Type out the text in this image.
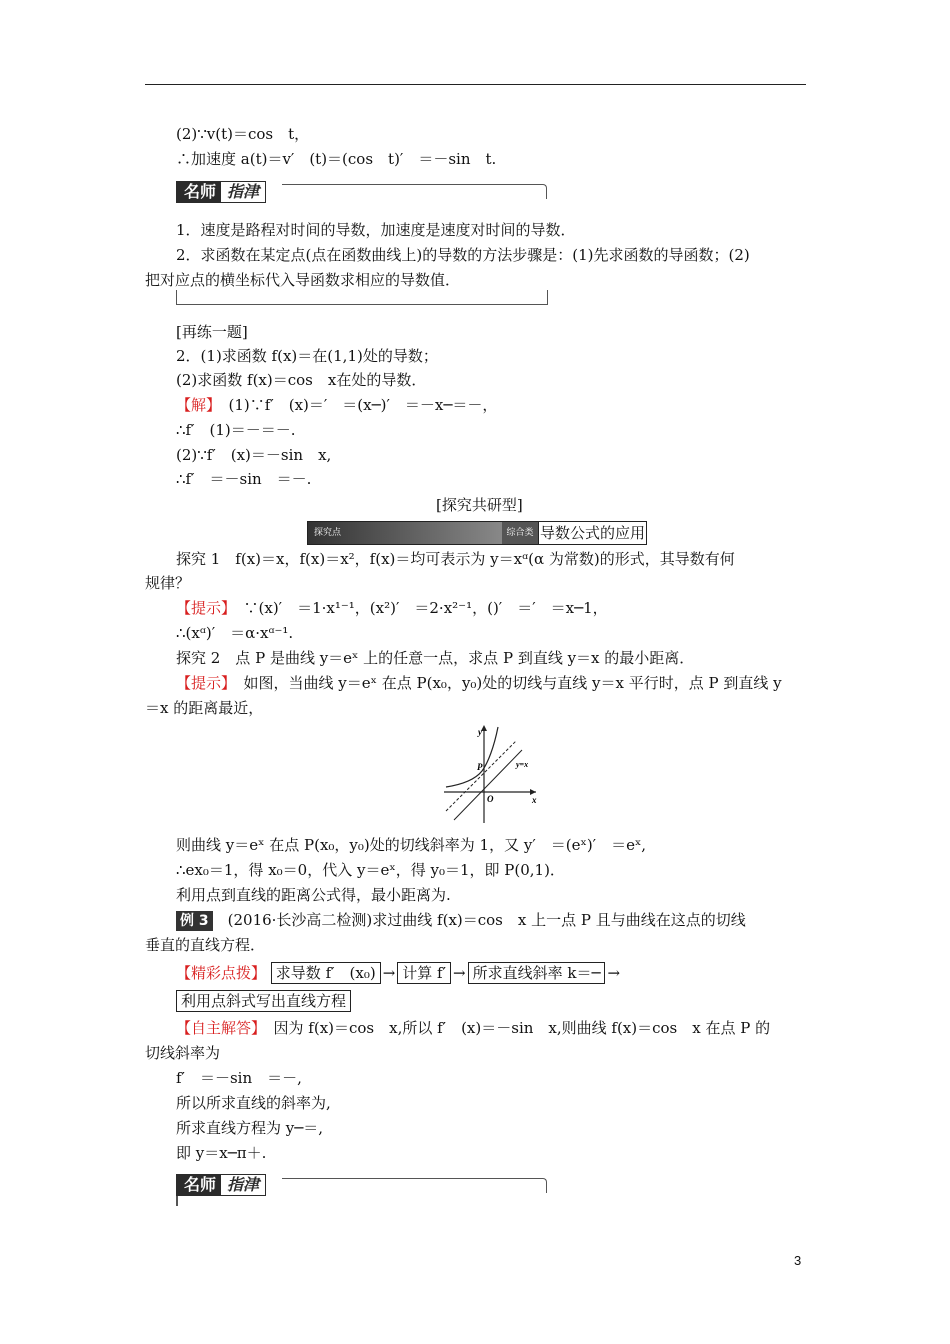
(2)∵v(t)＝cos　t，
∴加速度 a(t)＝v′　(t)＝(cos　t)′　＝－sin　t.
名师 指津
1．速度是路程对时间的导数，加速度是速度对时间的导数．
2．求函数在某定点(点在函数曲线上)的导数的方法步骤是：(1)先求函数的导函数；(2)
把对应点的横坐标代入导函数求相应的导数值．
[再练一题]
2．(1)求函数 f(x)＝在(1,1)处的导数；
(2)求函数 f(x)＝cos　x在处的导数．
【解】　(1)∵f′　(x)＝′　＝(x─)′　＝－x─＝－，
∴f′　(1)＝－＝－.
(2)∵f′　(x)＝－sin　x,
∴f′　＝－sin　＝－.
[探究共研型]
探究点	综合类 导数公式的应用
探究 1　f(x)＝x，f(x)＝x²，f(x)＝均可表示为 y＝xᵅ(α 为常数)的形式，其导数有何
规律？
【提示】　∵(x)′　＝1·x¹⁻¹，(x²)′　＝2·x²⁻¹，()′　＝′　＝x─1，
∴(xᵅ)′　＝α·xᵅ⁻¹.
探究 2　点 P 是曲线 y＝eˣ 上的任意一点，求点 P 到直线 y＝x 的最小距离．
【提示】　如图，当曲线 y＝eˣ 在点 P(x₀，y₀)处的切线与直线 y＝x 平行时，点 P 到直线 y
＝x 的距离最近，
y
x
O
P	y=x
则曲线 y＝eˣ 在点 P(x₀，y₀)处的切线斜率为 1，又 y′　＝(eˣ)′　＝eˣ,
∴ex₀＝1，得 x₀＝0，代入 y＝eˣ，得 y₀＝1，即 P(0,1)．
利用点到直线的距离公式得，最小距离为.
例 3　(2016·长沙高二检测)求过曲线 f(x)＝cos　x 上一点 P 且与曲线在这点的切线
垂直的直线方程．
【精彩点拨】 求导数 f′　(x₀) → 计算 f′ → 所求直线斜率 k＝─ →
利用点斜式写出直线方程
【自主解答】　因为 f(x)＝cos　x,所以 f′　(x)＝－sin　x,则曲线 f(x)＝cos　x 在点 P 的
切线斜率为
f′　＝－sin　＝－,
所以所求直线的斜率为,
所求直线方程为 y─＝,
即 y＝x─π＋.
名师 指津
3
